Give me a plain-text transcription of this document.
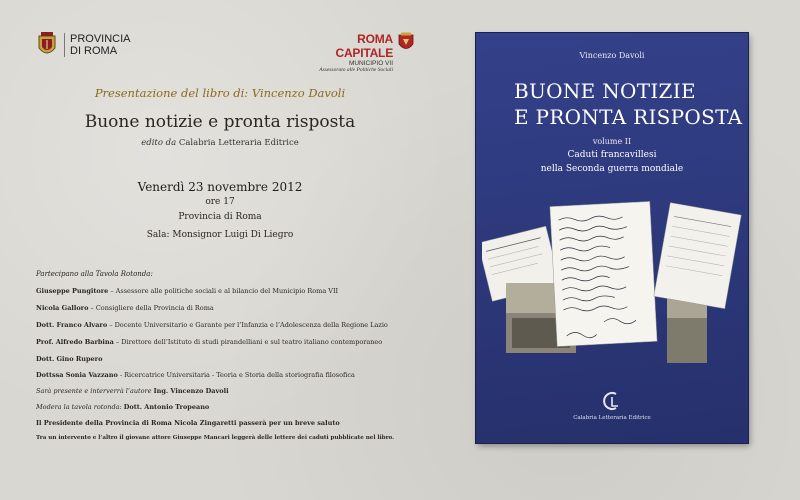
PROVINCIA
DI ROMA
ROMA CAPITALE
MUNICIPIO VII
Assessorato alle Politiche Sociali
Presentazione del libro di: Vincenzo Davoli
Buone notizie e pronta risposta
edito da Calabria Letteraria Editrice
Venerdì 23 novembre 2012
ore 17
Provincia di Roma
Sala: Monsignor Luigi Di Liegro
Partecipano alla Tavola Rotonda:
Giuseppe Pungitore – Assessore alle politiche sociali e al bilancio del Municipio Roma VII
Nicola Galloro – Consigliere della Provincia di Roma
Dott. Franco Alvaro – Docente Universitario e Garante per l’Infanzia e l’Adolescenza della Regione Lazio
Prof. Alfredo Barbina – Direttore dell’Istituto di studi pirandelliani e sul teatro italiano contemporaneo
Dott. Gino Rupero
Dottssa Sonia Vazzano - Ricercatrice Universitaria - Teoria e Storia della storiografia filosofica
Sarà presente e interverrà l’autore Ing. Vincenzo Davoli
Modera la tavola rotonda: Dott. Antonio Tropeano
Il Presidente della Provincia di Roma Nicola Zingaretti passerà per un breve saluto
Tra un intervento e l’altro il giovane attore Giuseppe Mancari leggerà delle lettere dei caduti pubblicate nel libro.
Vincenzo Davoli
BUONE NOTIZIE
E PRONTA RISPOSTA
volume II
Caduti francavillesi
nella Seconda guerra mondiale
Calabria Letteraria Editrice
